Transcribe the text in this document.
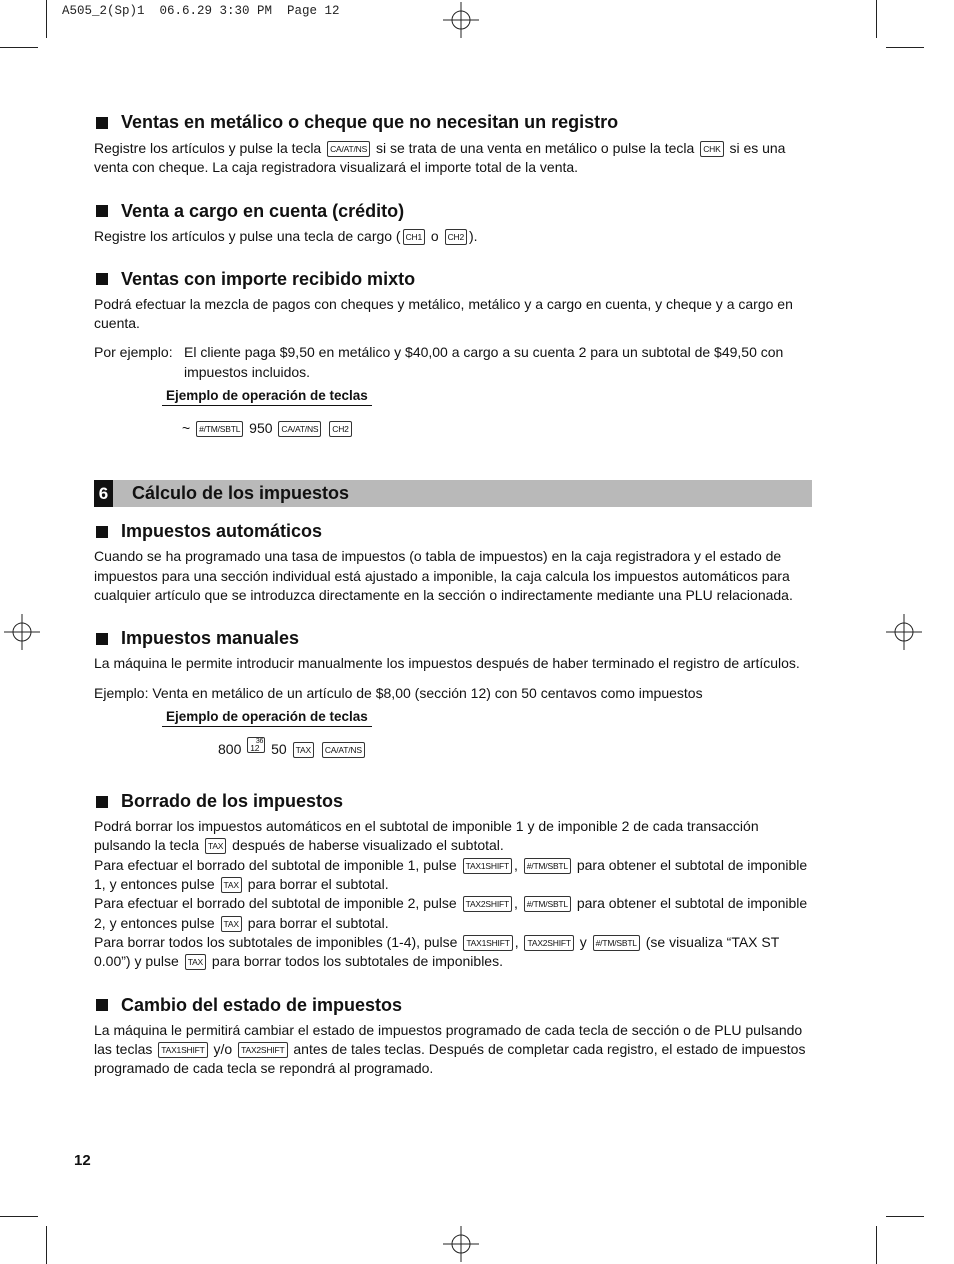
A505_2(Sp)1  06.6.29 3:30 PM  Page 12
Ventas en metálico o cheque que no necesitan un registro

Registre los artículos y pulse la tecla CA/AT/NS si se trata de una venta en metálico o pulse la tecla CHK si es una venta con cheque. La caja registradora visualizará el importe total de la venta.

Venta a cargo en cuenta (crédito)

Registre los artículos y pulse una tecla de cargo ( CH1 o CH2 ).

Ventas con importe recibido mixto

Podrá efectuar la mezcla de pagos con cheques y metálico, metálico y a cargo en cuenta, y cheque y a cargo en cuenta.

Por ejemplo: El cliente paga $9,50 en metálico y $40,00 a cargo a su cuenta 2 para un subtotal de $49,50 con impuestos incluidos.

Ejemplo de operación de teclas

~ #/TM/SBTL 950 CA/AT/NS CH2

6 Cálculo de los impuestos
Impuestos automáticos

Cuando se ha programado una tasa de impuestos (o tabla de impuestos) en la caja registradora y el estado de impuestos para una sección individual está ajustado a imponible, la caja calcula los impuestos automáticos para cualquier artículo que se introduzca directamente en la sección o indirectamente mediante una PLU relacionada.

Impuestos manuales

La máquina le permite introducir manualmente los impuestos después de haber terminado el registro de artículos.

Ejemplo: Venta en metálico de un artículo de $8,00 (sección 12) con 50 centavos como impuestos

Ejemplo de operación de teclas

800 36
12 50 TAX CA/AT/NS

Borrado de los impuestos

Podrá borrar los impuestos automáticos en el subtotal de imponible 1 y de imponible 2 de cada transacción pulsando la tecla TAX después de haberse visualizado el subtotal.

Para efectuar el borrado del subtotal de imponible 1, pulse TAX1SHIFT , #/TM/SBTL para obtener el subtotal de imponible 1, y entonces pulse TAX para borrar el subtotal.

Para efectuar el borrado del subtotal de imponible 2, pulse TAX2SHIFT , #/TM/SBTL para obtener el subtotal de imponible 2, y entonces pulse TAX para borrar el subtotal.

Para borrar todos los subtotales de imponibles (1-4), pulse TAX1SHIFT , TAX2SHIFT y #/TM/SBTL (se visualiza “TAX ST 0.00”) y pulse TAX para borrar todos los subtotales de imponibles.

Cambio del estado de impuestos

La máquina le permitirá cambiar el estado de impuestos programado de cada tecla de sección o de PLU pulsando las teclas TAX1SHIFT y/o TAX2SHIFT antes de tales teclas. Después de completar cada registro, el estado de impuestos programado de cada tecla se repondrá al programado.

12
